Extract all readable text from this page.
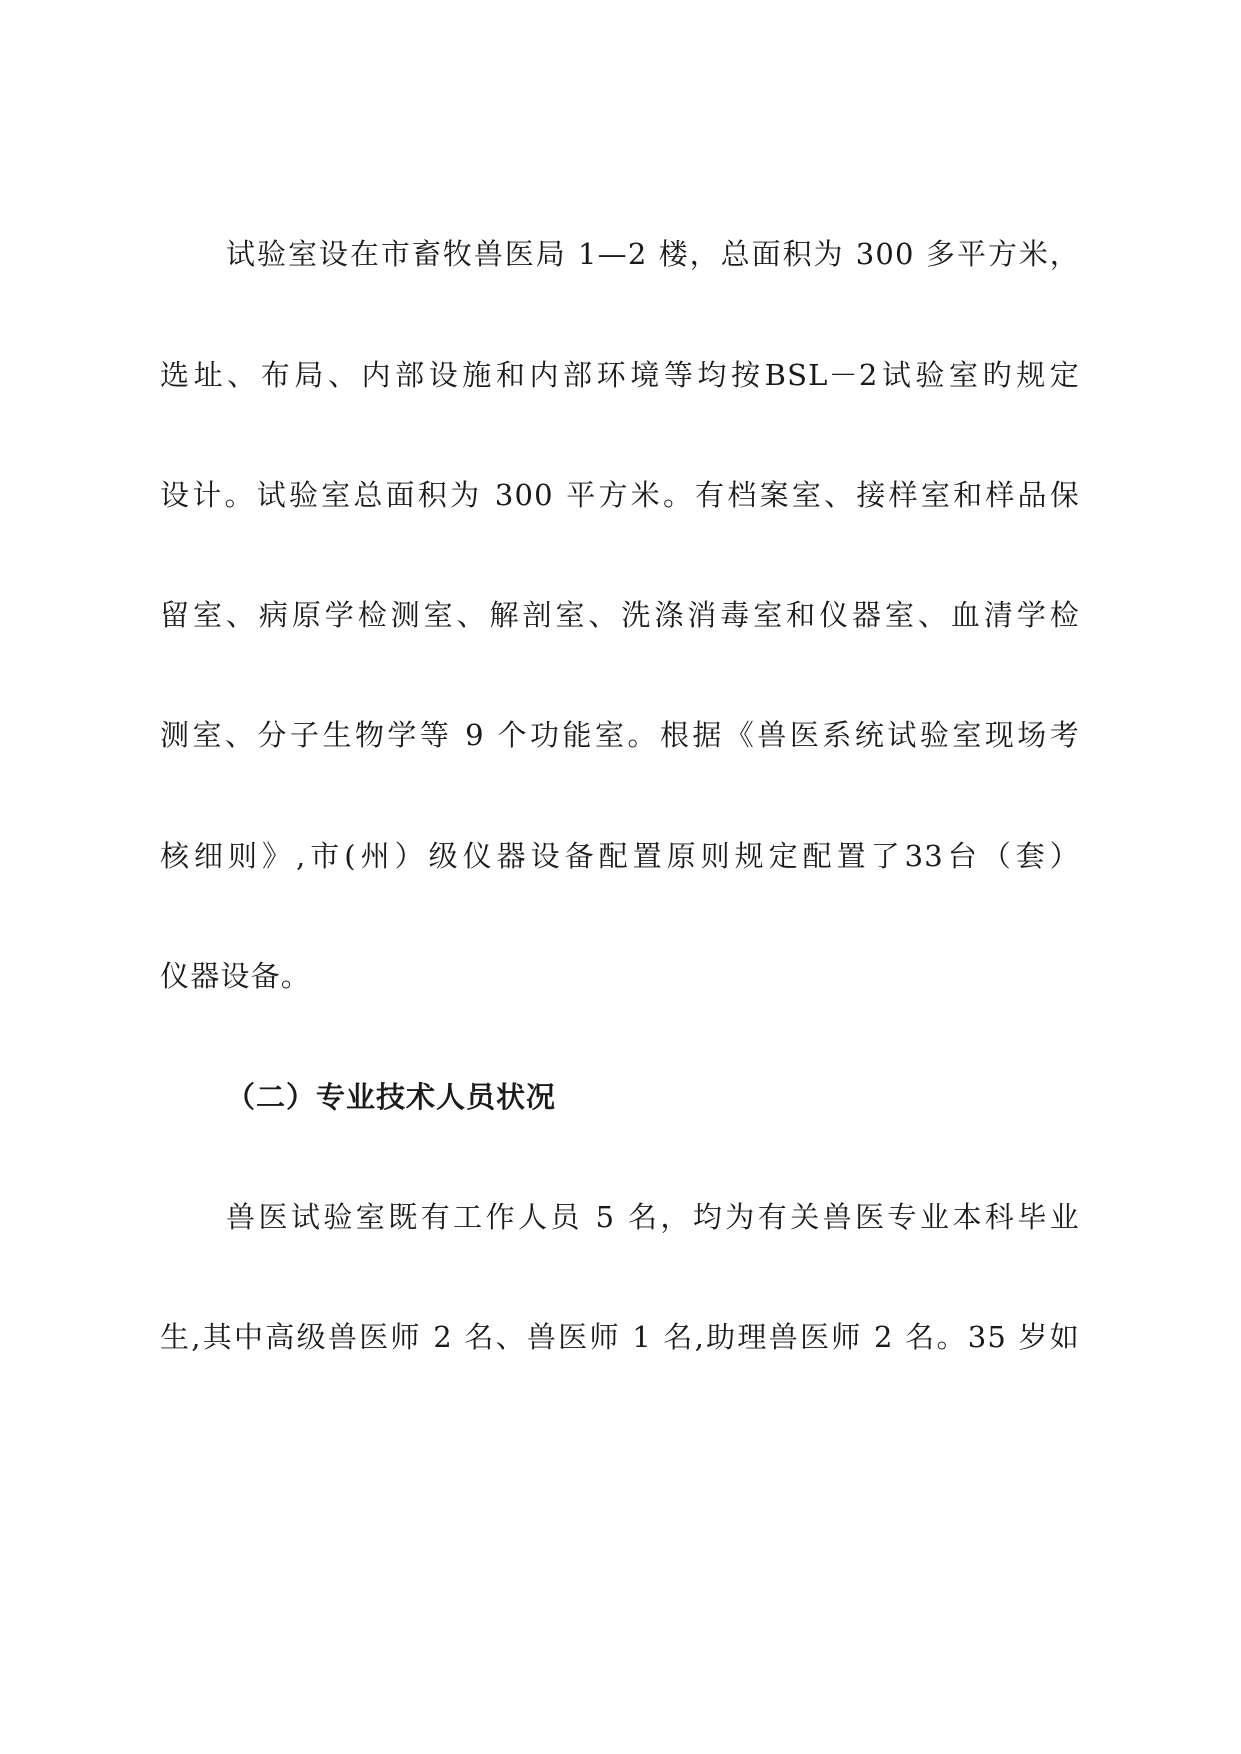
试验室设在市畜牧兽医局 1—2 楼，总面积为 300 多平方米，
选址、布局、内部设施和内部环境等均按BSL－2试验室旳规定
设计。试验室总面积为 300 平方米。有档案室、接样室和样品保
留室、病原学检测室、解剖室、洗涤消毒室和仪器室、血清学检
测室、分子生物学等 9 个功能室。根据《兽医系统试验室现场考
核细则》,市(州）级仪器设备配置原则规定配置了33台（套）
仪器设备。
（二）专业技术人员状况
兽医试验室既有工作人员 5 名，均为有关兽医专业本科毕业
生,其中高级兽医师 2 名、兽医师 1 名,助理兽医师 2 名。35 岁如
